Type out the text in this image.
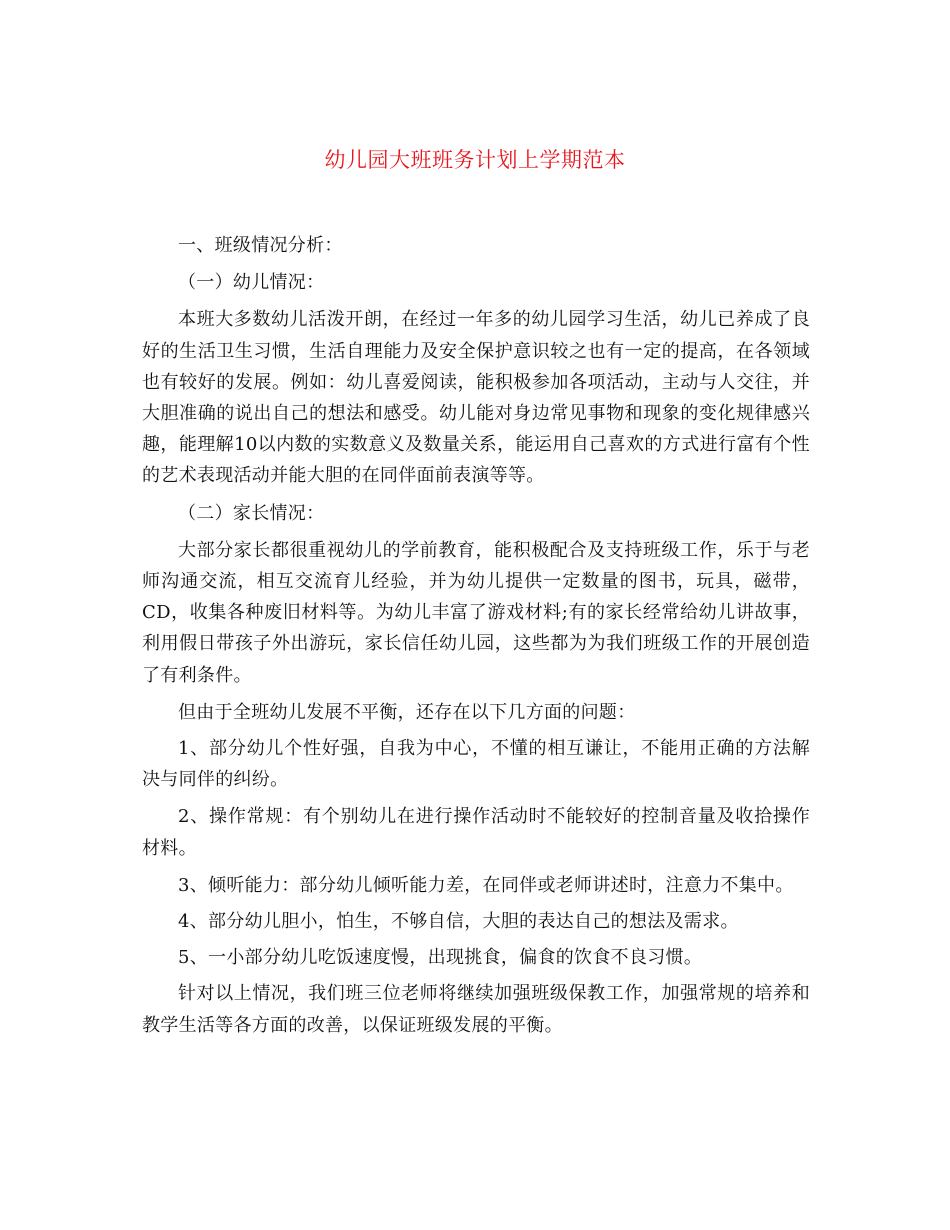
幼儿园大班班务计划上学期范本

一、班级情况分析：

（一）幼儿情况：

本班大多数幼儿活泼开朗，在经过一年多的幼儿园学习生活，幼儿已养成了良好的生活卫生习惯，生活自理能力及安全保护意识较之也有一定的提高，在各领域也有较好的发展。例如：幼儿喜爱阅读，能积极参加各项活动，主动与人交往，并大胆准确的说出自己的想法和感受。幼儿能对身边常见事物和现象的变化规律感兴趣，能理解10以内数的实数意义及数量关系，能运用自己喜欢的方式进行富有个性的艺术表现活动并能大胆的在同伴面前表演等等。

（二）家长情况：

大部分家长都很重视幼儿的学前教育，能积极配合及支持班级工作，乐于与老师沟通交流，相互交流育儿经验，并为幼儿提供一定数量的图书，玩具，磁带，CD，收集各种废旧材料等。为幼儿丰富了游戏材料;有的家长经常给幼儿讲故事，利用假日带孩子外出游玩，家长信任幼儿园，这些都为为我们班级工作的开展创造了有利条件。

但由于全班幼儿发展不平衡，还存在以下几方面的问题：

1、部分幼儿个性好强，自我为中心，不懂的相互谦让，不能用正确的方法解决与同伴的纠纷。

2、操作常规：有个别幼儿在进行操作活动时不能较好的控制音量及收拾操作材料。

3、倾听能力：部分幼儿倾听能力差，在同伴或老师讲述时，注意力不集中。

4、部分幼儿胆小，怕生，不够自信，大胆的表达自己的想法及需求。

5、一小部分幼儿吃饭速度慢，出现挑食，偏食的饮食不良习惯。

针对以上情况，我们班三位老师将继续加强班级保教工作，加强常规的培养和教学生活等各方面的改善，以保证班级发展的平衡。
